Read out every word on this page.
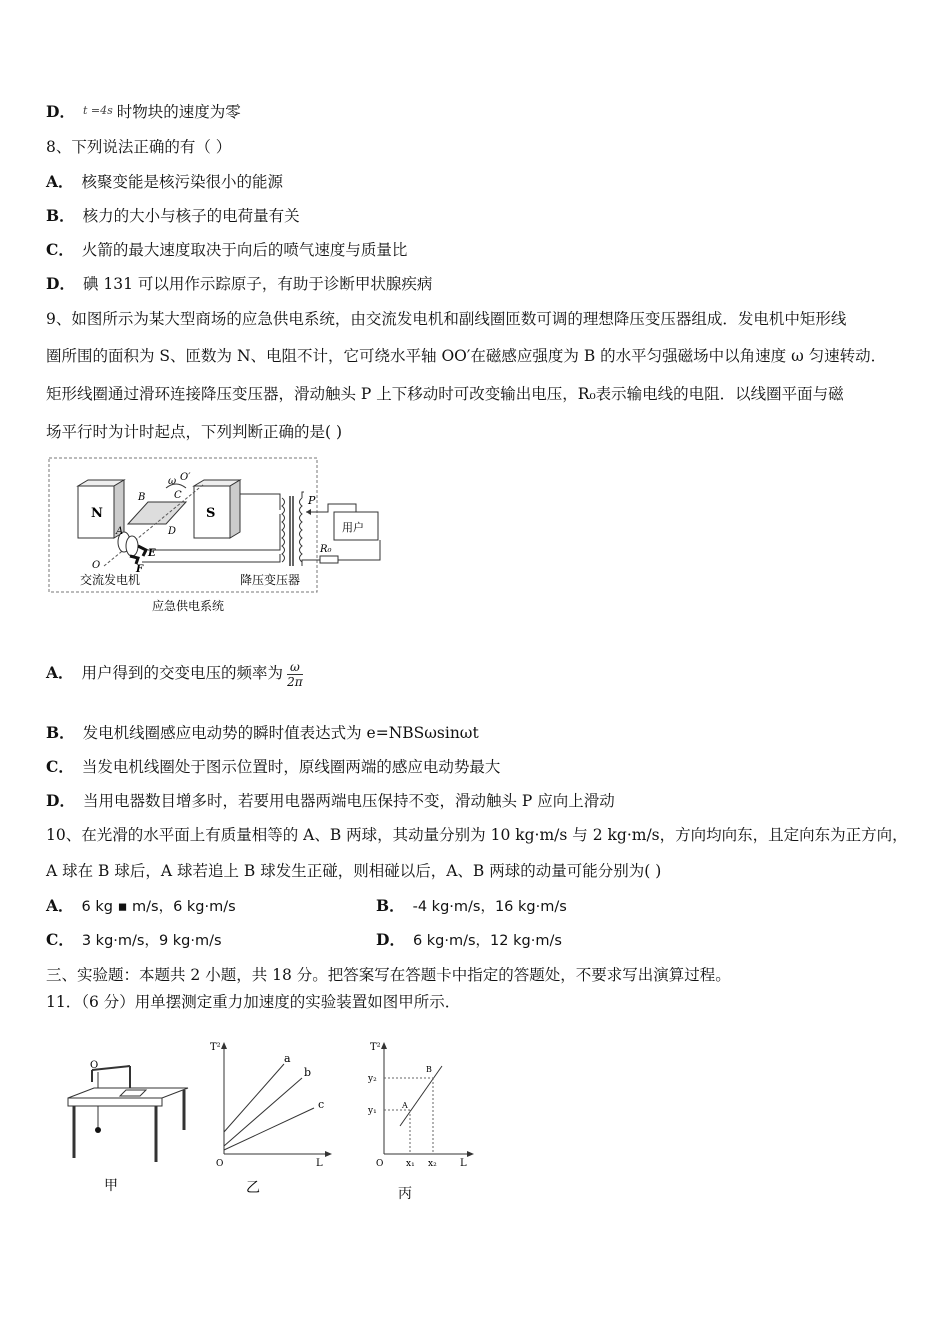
D． t =4s 时物块的速度为零
8、下列说法正确的有（ ）
A． 核聚变能是核污染很小的能源
B． 核力的大小与核子的电荷量有关
C． 火箭的最大速度取决于向后的喷气速度与质量比
D． 碘 131 可以用作示踪原子，有助于诊断甲状腺疾病
9、如图所示为某大型商场的应急供电系统，由交流发电机和副线圈匝数可调的理想降压变压器组成．发电机中矩形线
圈所围的面积为 S、匝数为 N、电阻不计，它可绕水平轴 OO′在磁感应强度为 B 的水平匀强磁场中以角速度 ω 匀速转动．
矩形线圈通过滑环连接降压变压器，滑动触头 P 上下移动时可改变输出电压，R₀表示输电线的电阻．以线圈平面与磁
场平行时为计时起点，下列判断正确的是( )
N	S
P
用户
R₀
ω O′
B	C
A	D
E
F
O
交流发电机	降压变压器
应急供电系统
A． 用户得到的交变电压的频率为 $\frac{\omega}{2\pi}$
B． 发电机线圈感应电动势的瞬时值表达式为 e=NBSωsinωt
C． 当发电机线圈处于图示位置时，原线圈两端的感应电动势最大
D． 当用电器数目增多时，若要用电器两端电压保持不变，滑动触头 P 应向上滑动
10、在光滑的水平面上有质量相等的 A、B 两球，其动量分别为 10 kg·m/s 与 2 kg·m/s，方向均向东，且定向东为正方向，
A 球在 B 球后，A 球若追上 B 球发生正碰，则相碰以后，A、B 两球的动量可能分别为( )
A． 6 kg ▪ m/s，6 kg·m/s	B． -4 kg·m/s，16 kg·m/s
C． 3 kg·m/s，9 kg·m/s	D． 6 kg·m/s，12 kg·m/s
三、实验题：本题共 2 小题，共 18 分。把答案写在答题卡中指定的答题处，不要求写出演算过程。
11．（6 分）用单摆测定重力加速度的实验装置如图甲所示．
O
甲
T²
a
b
c
O	L
乙
T²
y₂
y₁
A
B
O	x₁ x₂ L
丙
